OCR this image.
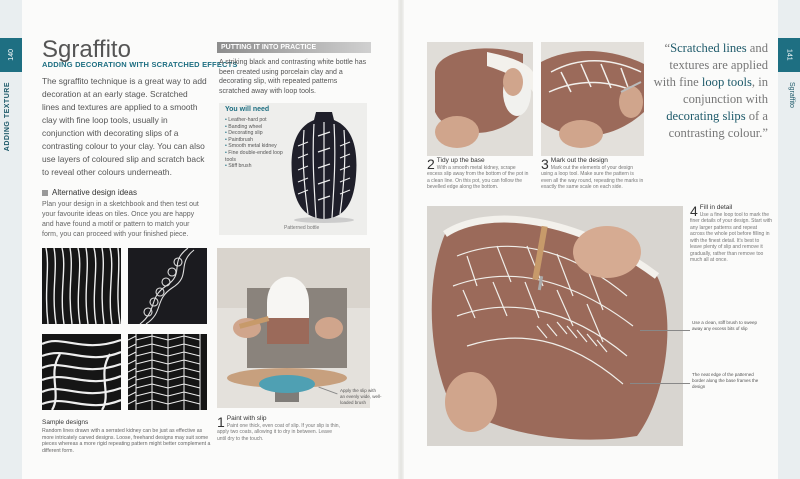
140
ADDING TEXTURE
141
Sgraffito
Sgraffito
ADDING DECORATION WITH SCRATCHED EFFECTS
The sgraffito technique is a great way to add decoration at an early stage. Scratched lines and textures are applied to a smooth clay with fine loop tools, usually in conjunction with decorating slips of a contrasting colour to your clay. You can also use layers of coloured slip and scratch back to reveal other colours underneath.
Alternative design ideas
Plan your design in a sketchbook and then test out your favourite ideas on tiles. Once you are happy and have found a motif or pattern to match your form, you can proceed with your finished piece.
Sample designs
Random lines drawn with a serrated kidney can be just as effective as more intricately carved designs. Loose, freehand designs may suit some pieces whereas a more rigid repeating pattern might better complement a different form.
PUTTING IT INTO PRACTICE
A striking black and contrasting white bottle has been created using porcelain clay and a decorating slip, with repeated patterns scratched away with loop tools.
You will need
• Leather-hard pot
• Banding wheel
• Decorating slip
• Paintbrush
• Smooth metal kidney
• Fine double-ended loop tools
• Stiff brush
Patterned bottle
1 Paint with slip
Paint one thick, even coat of slip. If your slip is thin, apply two coats, allowing it to dry in between. Leave until dry to the touch.
Apply the slip with an evenly wide, well-loaded brush
2 Tidy up the base
With a smooth metal kidney, scrape excess slip away from the bottom of the pot in a clean line. On this pot, you can follow the bevelled edge along the bottom.
3 Mark out the design
Mark out the elements of your design using a loop tool. Make sure the pattern is even all the way round, repeating the marks in exactly the same scale on each side.
“Scratched lines and textures are applied with fine loop tools, in conjunction with decorating slips of a contrasting colour.”
4 Fill in detail
Use a fine loop tool to mark the finer details of your design. Start with any larger patterns and repeat across the whole pot before filling in with the finest detail. It's best to leave plenty of slip and remove it gradually, rather than remove too much all at once.
Use a clean, stiff brush to sweep away any excess bits of slip
The neat edge of the patterned border along the base frames the design
